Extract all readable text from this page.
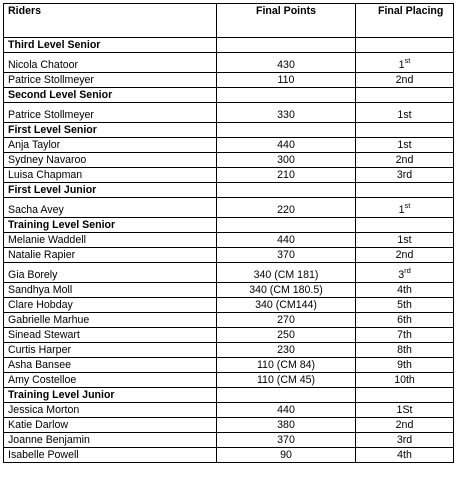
Riders	Final Points	Final Placing
Third Level Senior		
Nicola Chatoor	430	1st
Patrice Stollmeyer	110	2nd
Second Level Senior		
Patrice Stollmeyer	330	1st
First Level Senior		
Anja Taylor	440	1st
Sydney Navaroo	300	2nd
Luisa Chapman	210	3rd
First Level Junior		
Sacha Avey	220	1st
Training Level Senior		
Melanie Waddell	440	1st
Natalie Rapier	370	2nd
Gia Borely	340 (CM 181)	3rd
Sandhya Moll	340 (CM 180.5)	4th
Clare Hobday	340 (CM144)	5th
Gabrielle Marhue	270	6th
Sinead Stewart	250	7th
Curtis Harper	230	8th
Asha Bansee	110 (CM 84)	9th
Amy Costelloe	110 (CM 45)	10th
Training Level Junior		
Jessica Morton	440	1St
Katie Darlow	380	2nd
Joanne Benjamin	370	3rd
Isabelle Powell	90	4th
